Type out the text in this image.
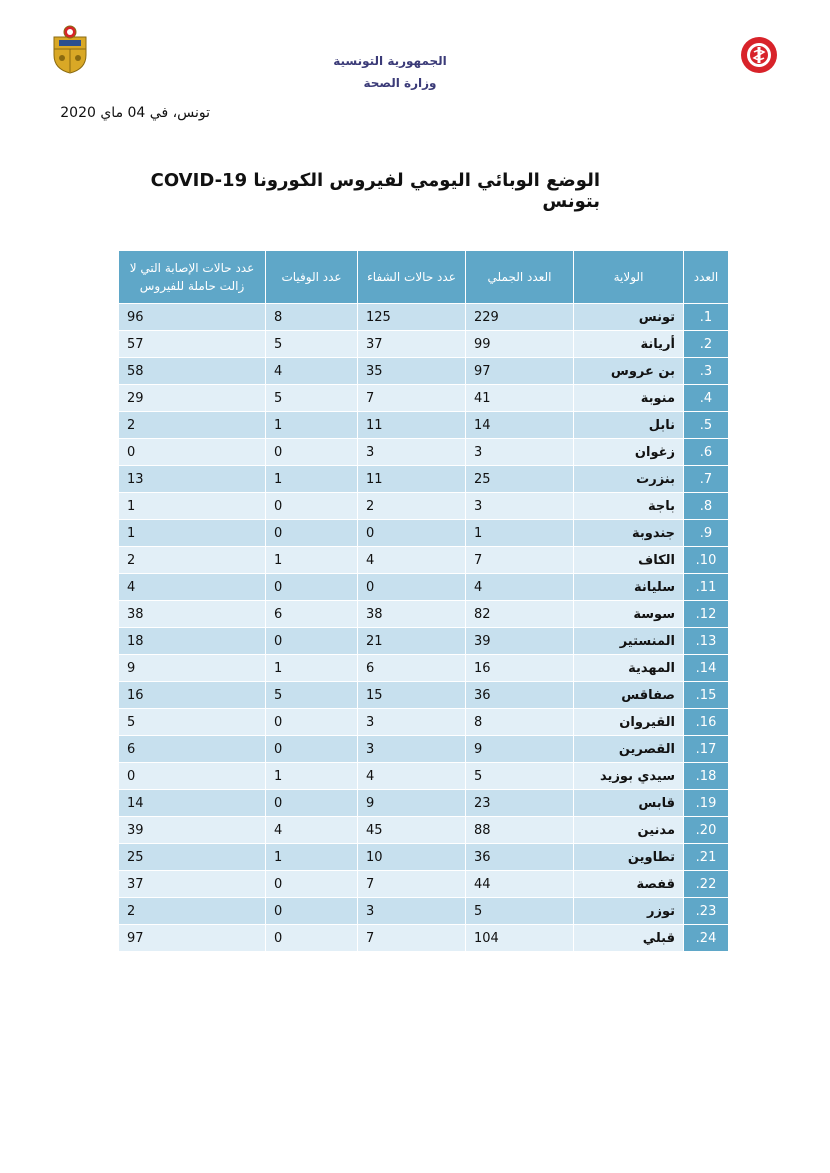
الجمهورية التونسية
وزارة الصحة
تونس، في 04 ماي 2020
الوضع الوبائي اليومي لفيروس الكورونا COVID-19 بتونس
العدد	الولاية	العدد الجملي	عدد حالات الشفاء	عدد الوفيات	عدد حالات الإصابة التي لا زالت حاملة للفيروس
1.	تونس	229	125	8	96
2.	أريانة	99	37	5	57
3.	بن عروس	97	35	4	58
4.	منوبة	41	7	5	29
5.	نابل	14	11	1	2
6.	زغوان	3	3	0	0
7.	بنزرت	25	11	1	13
8.	باجة	3	2	0	1
9.	جندوبة	1	0	0	1
10.	الكاف	7	4	1	2
11.	سليانة	4	0	0	4
12.	سوسة	82	38	6	38
13.	المنستير	39	21	0	18
14.	المهدية	16	6	1	9
15.	صفاقس	36	15	5	16
16.	القيروان	8	3	0	5
17.	القصرين	9	3	0	6
18.	سيدي بوزيد	5	4	1	0
19.	قابس	23	9	0	14
20.	مدنين	88	45	4	39
21.	تطاوين	36	10	1	25
22.	قفصة	44	7	0	37
23.	توزر	5	3	0	2
24.	قبلي	104	7	0	97
